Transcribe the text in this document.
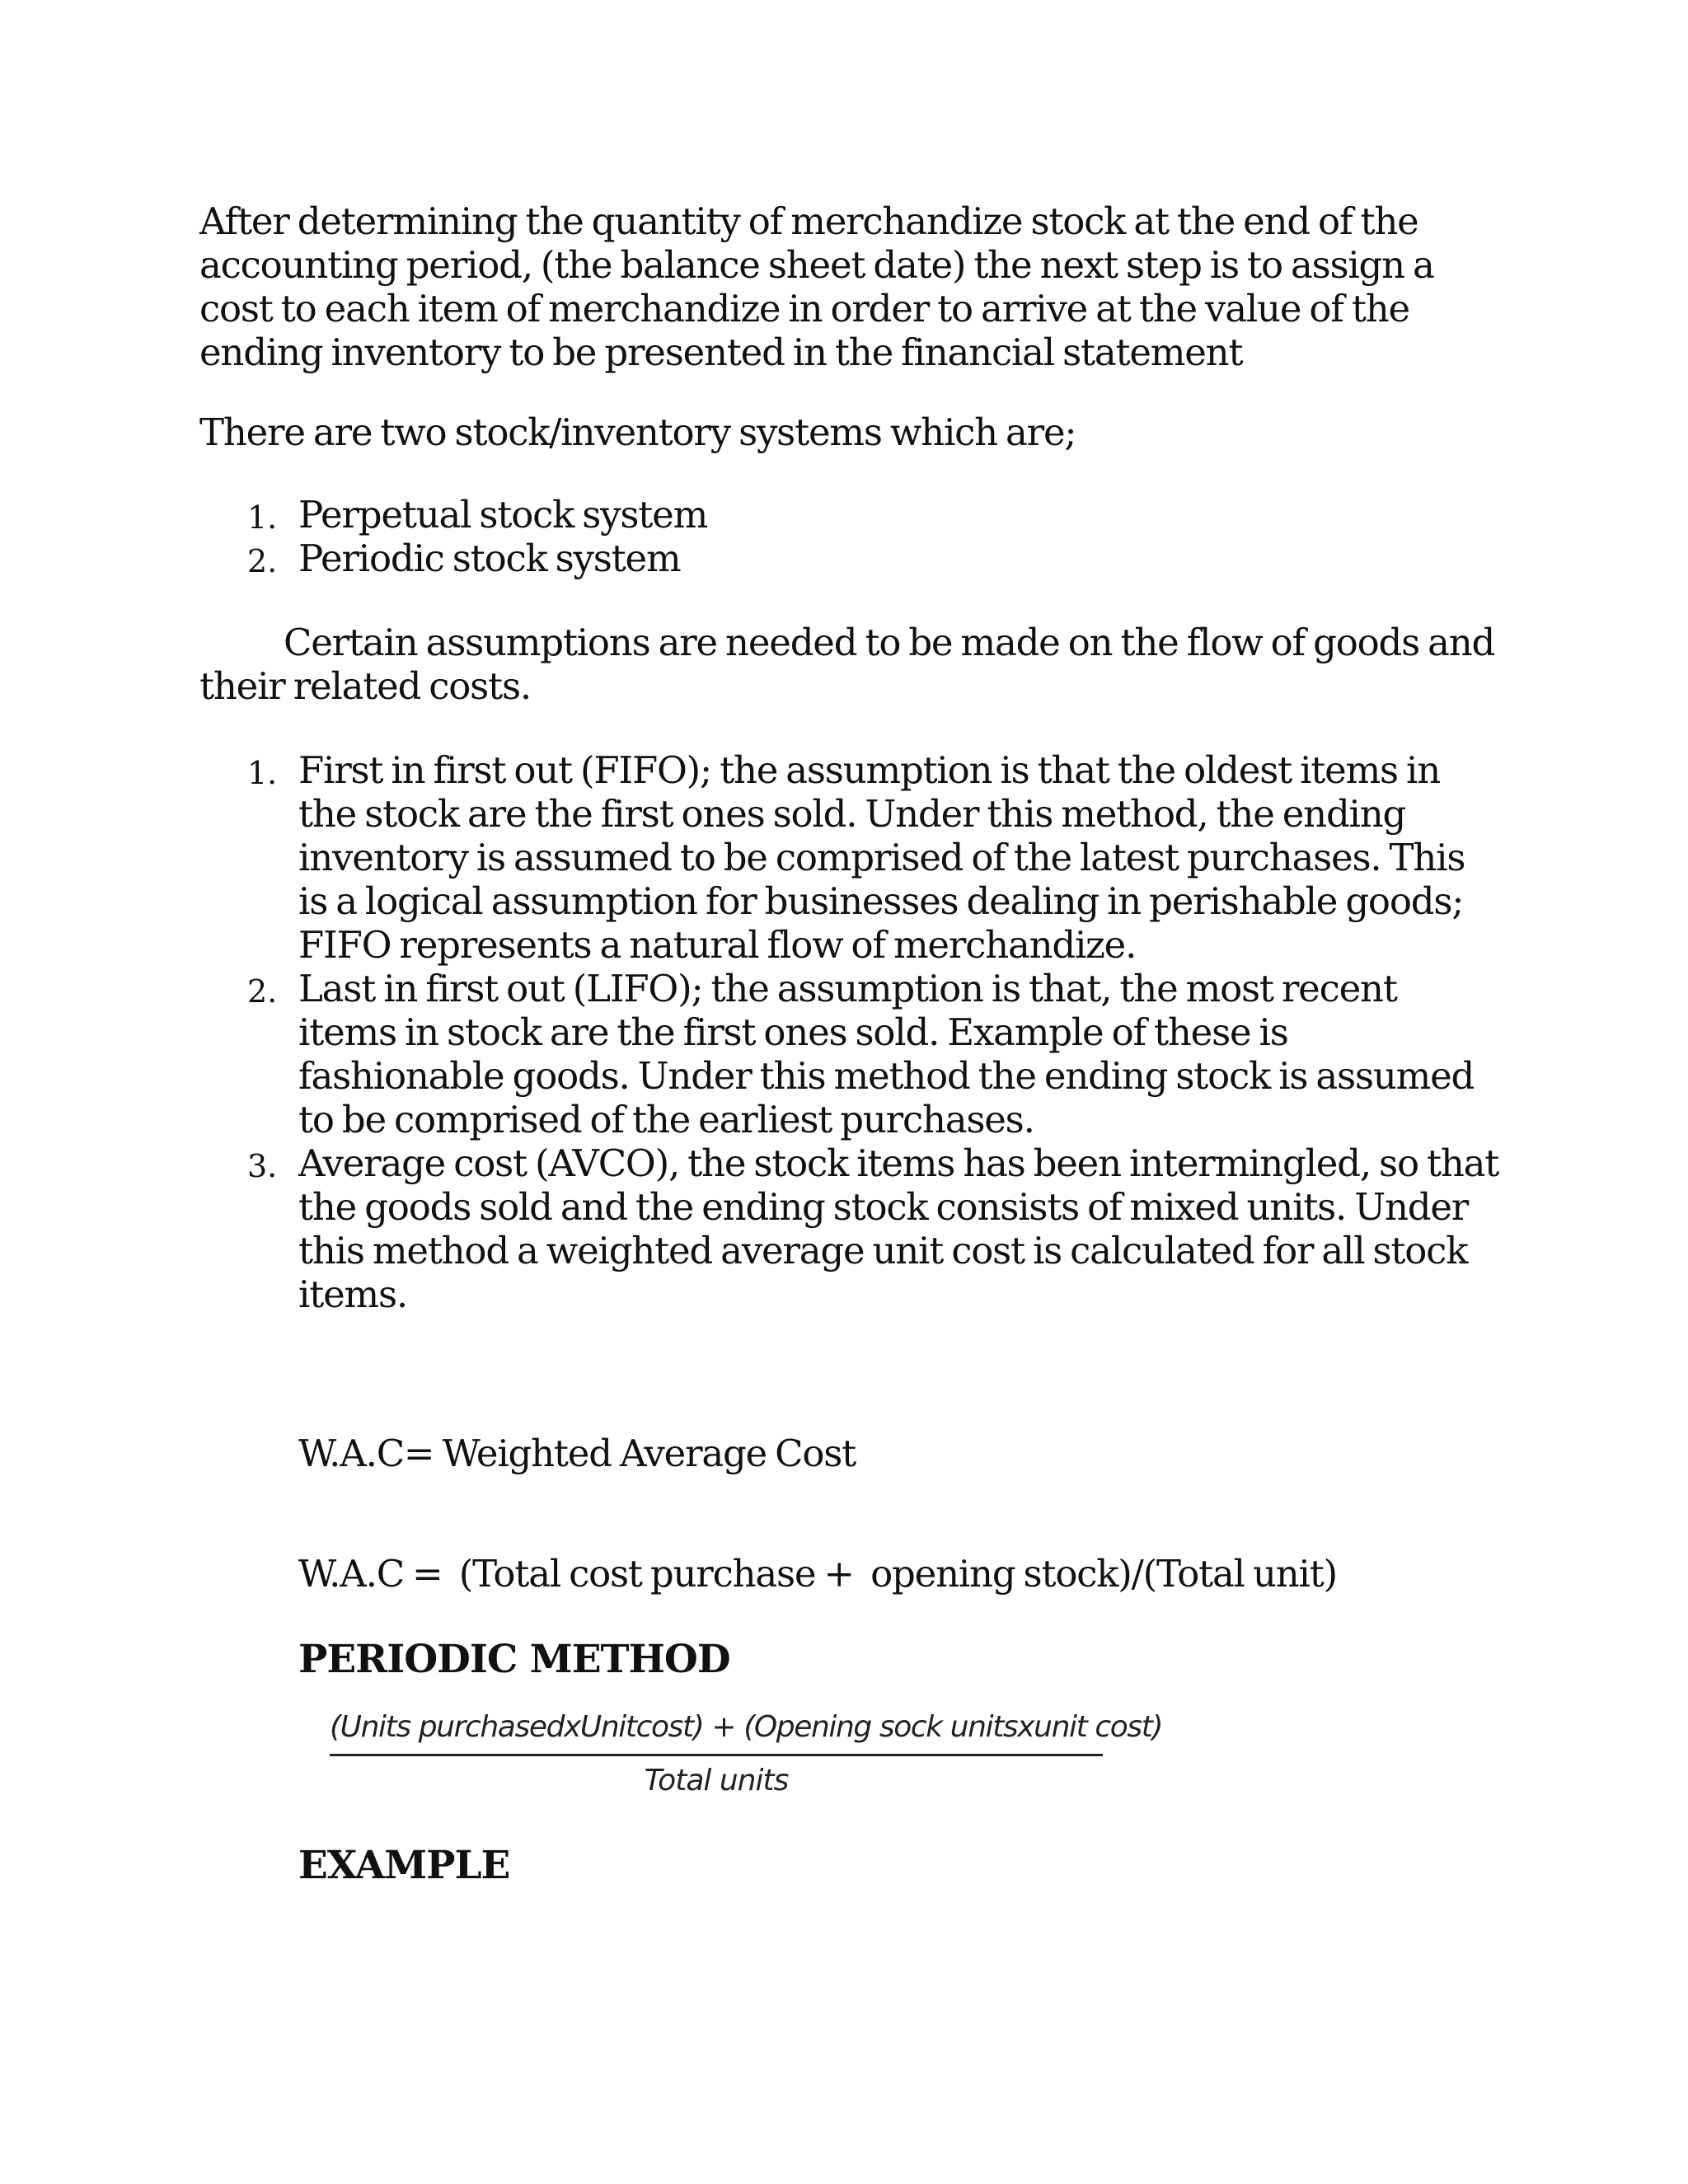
After determining the quantity of merchandize stock at the end of the accounting period, (the balance sheet date) the next step is to assign a cost to each item of merchandize in order to arrive at the value of the ending inventory to be presented in the financial statement

There are two stock/inventory systems which are;

1. Perpetual stock system
2. Periodic stock system

Certain assumptions are needed to be made on the flow of goods and their related costs.

1. First in first out (FIFO); the assumption is that the oldest items in the stock are the first ones sold. Under this method, the ending inventory is assumed to be comprised of the latest purchases. This is a logical assumption for businesses dealing in perishable goods; FIFO represents a natural flow of merchandize.
2. Last in first out (LIFO); the assumption is that, the most recent items in stock are the first ones sold. Example of these is fashionable goods. Under this method the ending stock is assumed to be comprised of the earliest purchases.
3. Average cost (AVCO), the stock items has been intermingled, so that the goods sold and the ending stock consists of mixed units. Under this method a weighted average unit cost is calculated for all stock items.
W.A.C= Weighted Average Cost
W.A.C =  (Total cost purchase +  opening stock)/(Total unit)
PERIODIC METHOD
(Units purchasedxUnitcost) + (Opening sock unitsxunit cost)
Total units
EXAMPLE
